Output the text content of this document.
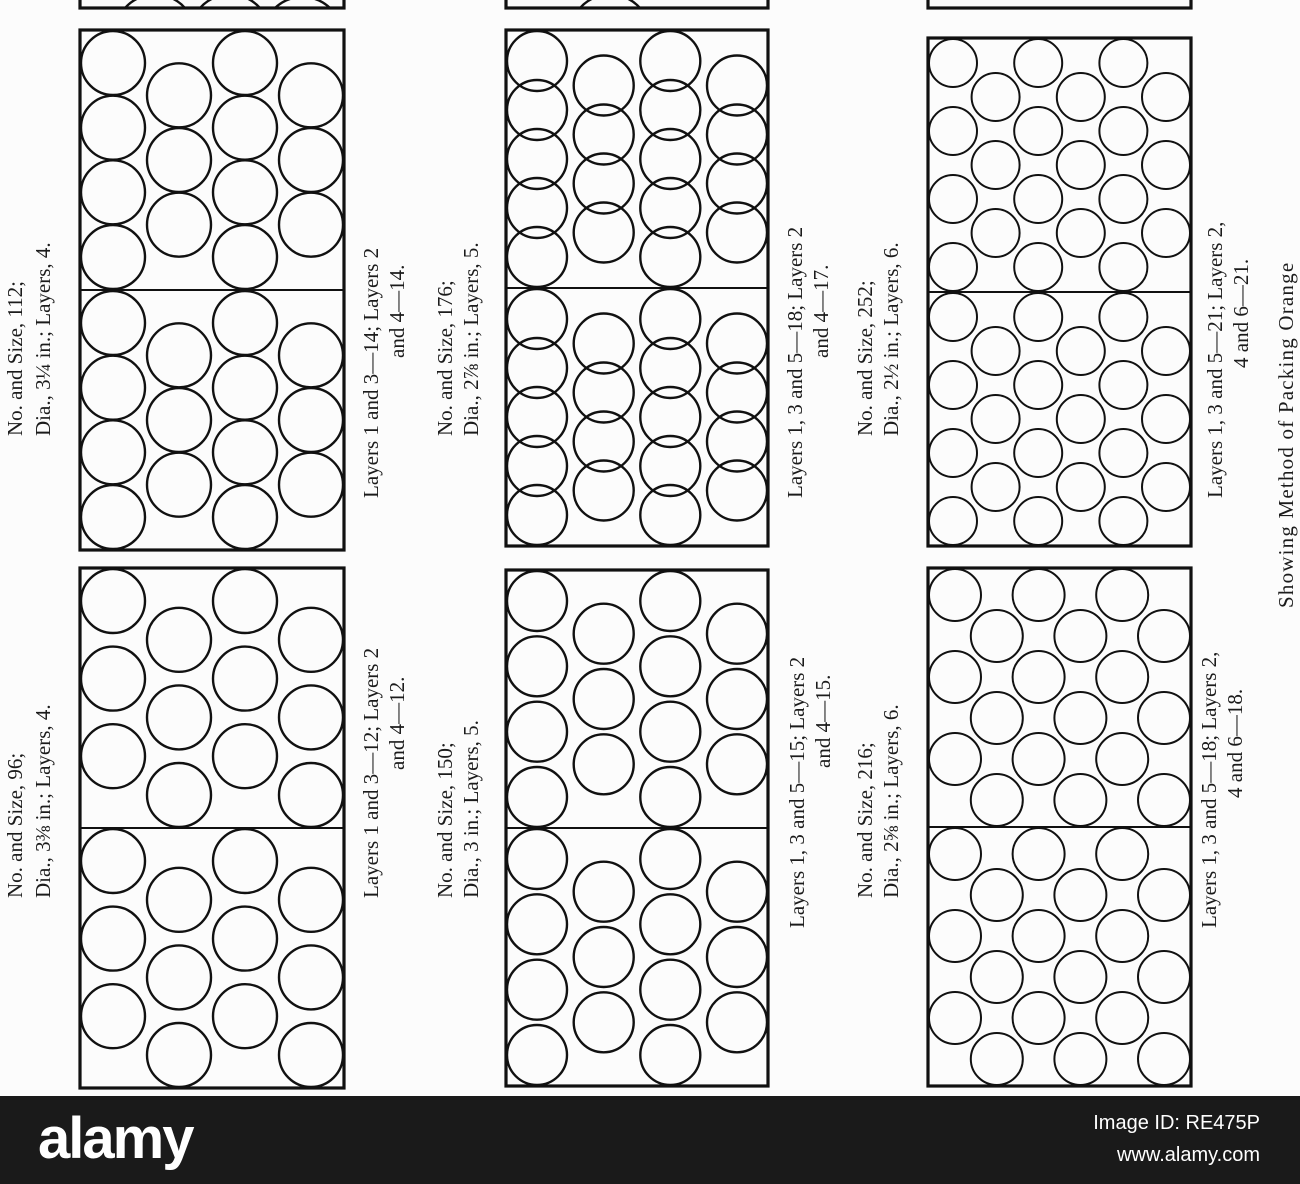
No. and Size, 96; Dia., 3⅜ in.; Layers, 4.	Layers 1 and 3—12; Layers 2 and 4—12.
No. and Size, 112; Dia., 3¼ in.; Layers, 4.	Layers 1 and 3—14; Layers 2 and 4—14.
No. and Size, 150; Dia., 3 in.; Layers, 5.	Layers 1, 3 and 5—15; Layers 2 and 4—15.
No. and Size, 176; Dia., 2⅞ in.; Layers, 5.	Layers 1, 3 and 5—18; Layers 2 and 4—17.
No. and Size, 216; Dia., 2⅝ in.; Layers, 6.	Layers 1, 3 and 5—18; Layers 2, 4 and 6—18.
No. and Size, 252; Dia., 2½ in.; Layers, 6.	Layers 1, 3 and 5—21; Layers 2, 4 and 6—21. Showing Method of Packing Orange
alamy	Image ID: RE475P
www.alamy.com
